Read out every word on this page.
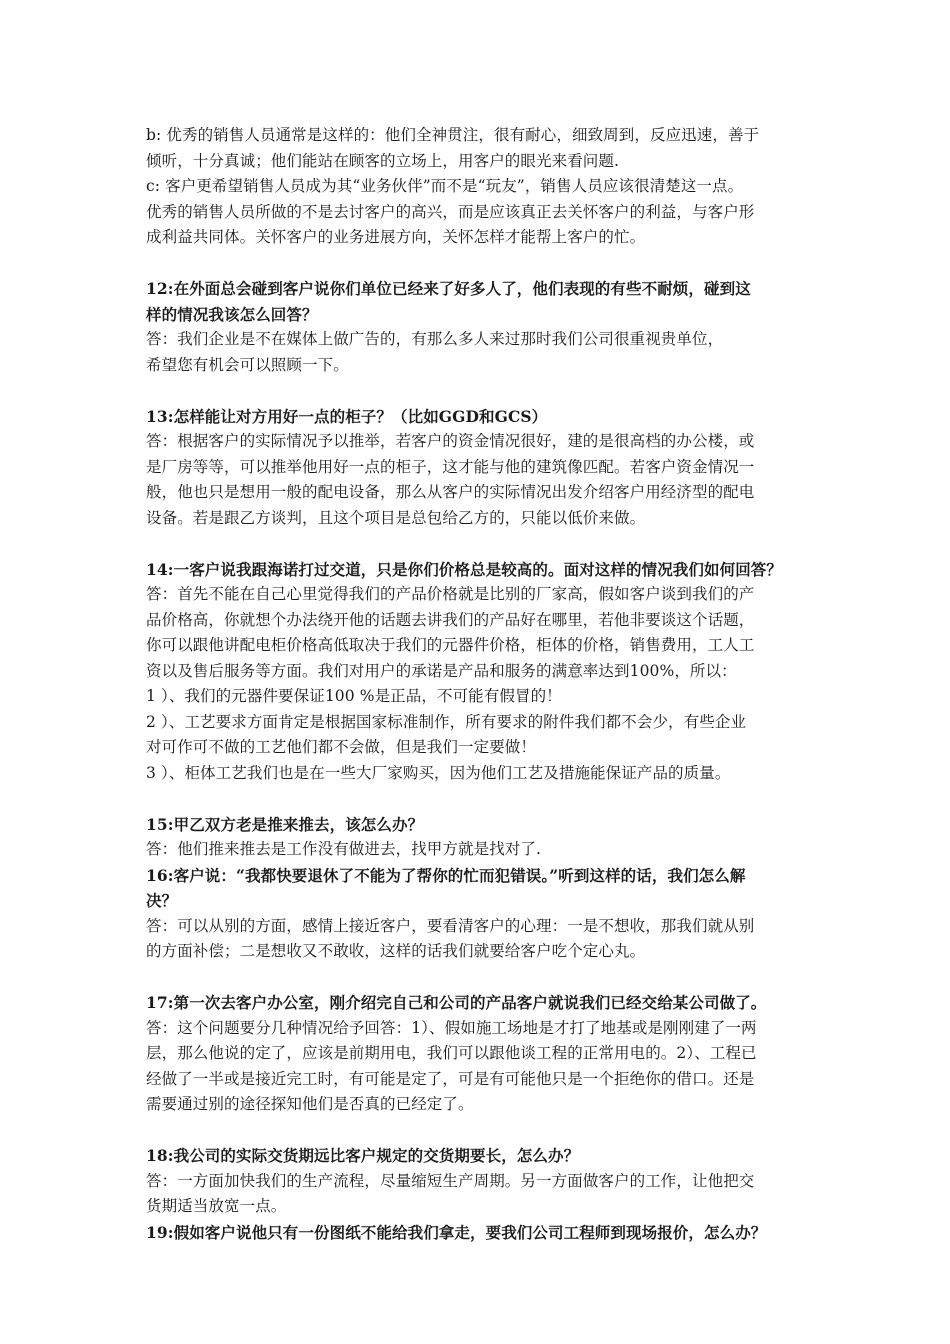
b: 优秀的销售人员通常是这样的：他们全神贯注，很有耐心，细致周到，反应迅速，善于
倾听，十分真诚；他们能站在顾客的立场上，用客户的眼光来看问题.
c: 客户更希望销售人员成为其“业务伙伴”而不是“玩友”，销售人员应该很清楚这一点。
优秀的销售人员所做的不是去讨客户的高兴，而是应该真正去关怀客户的利益，与客户形
成利益共同体。关怀客户的业务进展方向，关怀怎样才能帮上客户的忙。
12:在外面总会碰到客户说你们单位已经来了好多人了，他们表现的有些不耐烦，碰到这
样的情况我该怎么回答？
答：我们企业是不在媒体上做广告的，有那么多人来过那时我们公司很重视贵单位，
希望您有机会可以照顾一下。
13:怎样能让对方用好一点的柜子？（比如GGD和GCS）
答：根据客户的实际情况予以推举，若客户的资金情况很好，建的是很高档的办公楼，或
是厂房等等，可以推举他用好一点的柜子，这才能与他的建筑像匹配。若客户资金情况一
般，他也只是想用一般的配电设备，那么从客户的实际情况出发介绍客户用经济型的配电
设备。若是跟乙方谈判，且这个项目是总包给乙方的，只能以低价来做。
14:一客户说我跟海诺打过交道，只是你们价格总是较高的。面对这样的情况我们如何回答？
答：首先不能在自己心里觉得我们的产品价格就是比别的厂家高，假如客户谈到我们的产
品价格高，你就想个办法绕开他的话题去讲我们的产品好在哪里，若他非要谈这个话题，
你可以跟他讲配电柜价格高低取决于我们的元器件价格，柜体的价格，销售费用，工人工
资以及售后服务等方面。我们对用户的承诺是产品和服务的满意率达到100%，所以：
1 ）、我们的元器件要保证100 %是正品，不可能有假冒的！
2 ）、工艺要求方面肯定是根据国家标准制作，所有要求的附件我们都不会少，有些企业
对可作可不做的工艺他们都不会做，但是我们一定要做！
3 ）、柜体工艺我们也是在一些大厂家购买，因为他们工艺及措施能保证产品的质量。
15:甲乙双方老是推来推去，该怎么办？
答：他们推来推去是工作没有做进去，找甲方就是找对了.
16:客户说：“我都快要退休了不能为了帮你的忙而犯错误。”听到这样的话，我们怎么解
决？
答：可以从别的方面，感情上接近客户，要看清客户的心理：一是不想收，那我们就从别
的方面补偿；二是想收又不敢收，这样的话我们就要给客户吃个定心丸。
17:第一次去客户办公室，刚介绍完自己和公司的产品客户就说我们已经交给某公司做了。
答：这个问题要分几种情况给予回答：1）、假如施工场地是才打了地基或是刚刚建了一两
层，那么他说的定了，应该是前期用电，我们可以跟他谈工程的正常用电的。2）、工程已
经做了一半或是接近完工时，有可能是定了，可是有可能他只是一个拒绝你的借口。还是
需要通过别的途径探知他们是否真的已经定了。
18:我公司的实际交货期远比客户规定的交货期要长，怎么办？
答：一方面加快我们的生产流程，尽量缩短生产周期。另一方面做客户的工作，让他把交
货期适当放宽一点。
19:假如客户说他只有一份图纸不能给我们拿走，要我们公司工程师到现场报价，怎么办？
